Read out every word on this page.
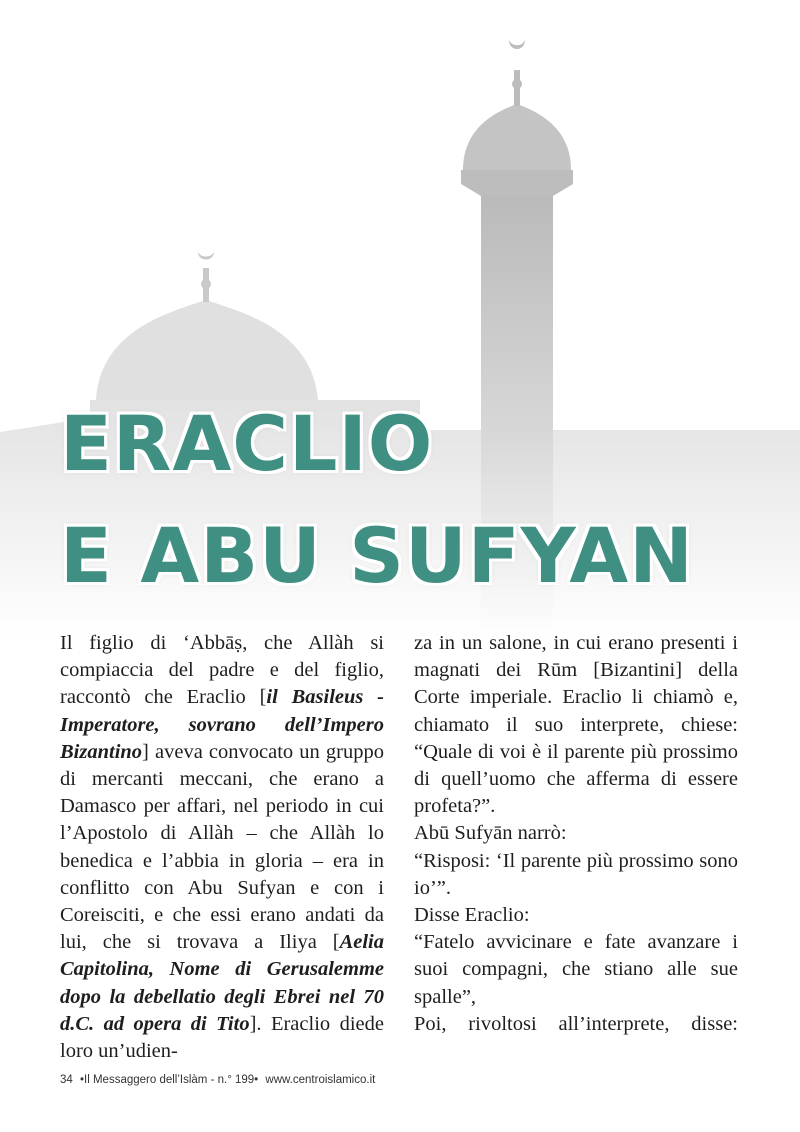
ERACLIO
E ABU SUFYAN

Il figlio di ‘Abbāṣ, che Allàh si compiaccia del padre e del figlio, raccontò che Eraclio [il Basileus - Imperatore, sovrano dell’Impero Bizantino] aveva convocato un gruppo di mercanti meccani, che erano a Damasco per affari, nel periodo in cui l’Apostolo di Allàh – che Allàh lo benedica e l’abbia in gloria – era in conflitto con Abu Sufyan e con i Coreisciti, e che essi erano andati da lui, che si trovava a Iliya [Aelia Capitolina, Nome di Gerusalemme dopo la debellatio degli Ebrei nel 70 d.C. ad opera di Tito]. Eraclio diede loro un’udien-

za in un salone, in cui erano presenti i magnati dei Rūm [Bizantini] della Corte imperiale. Eraclio li chiamò e, chiamato il suo interprete, chiese: “Quale di voi è il parente più prossimo di quell’uomo che afferma di essere profeta?”.

Abū Sufyān narrò:

“Risposi: ‘Il parente più prossimo sono io’”.

Disse Eraclio:

“Fatelo avvicinare e fate avanzare i suoi compagni, che stiano alle sue spalle”,

Poi, rivoltosi all’interprete, disse:

34 •Il Messaggero dell’Islàm - n.° 199• www.centroislamico.it
